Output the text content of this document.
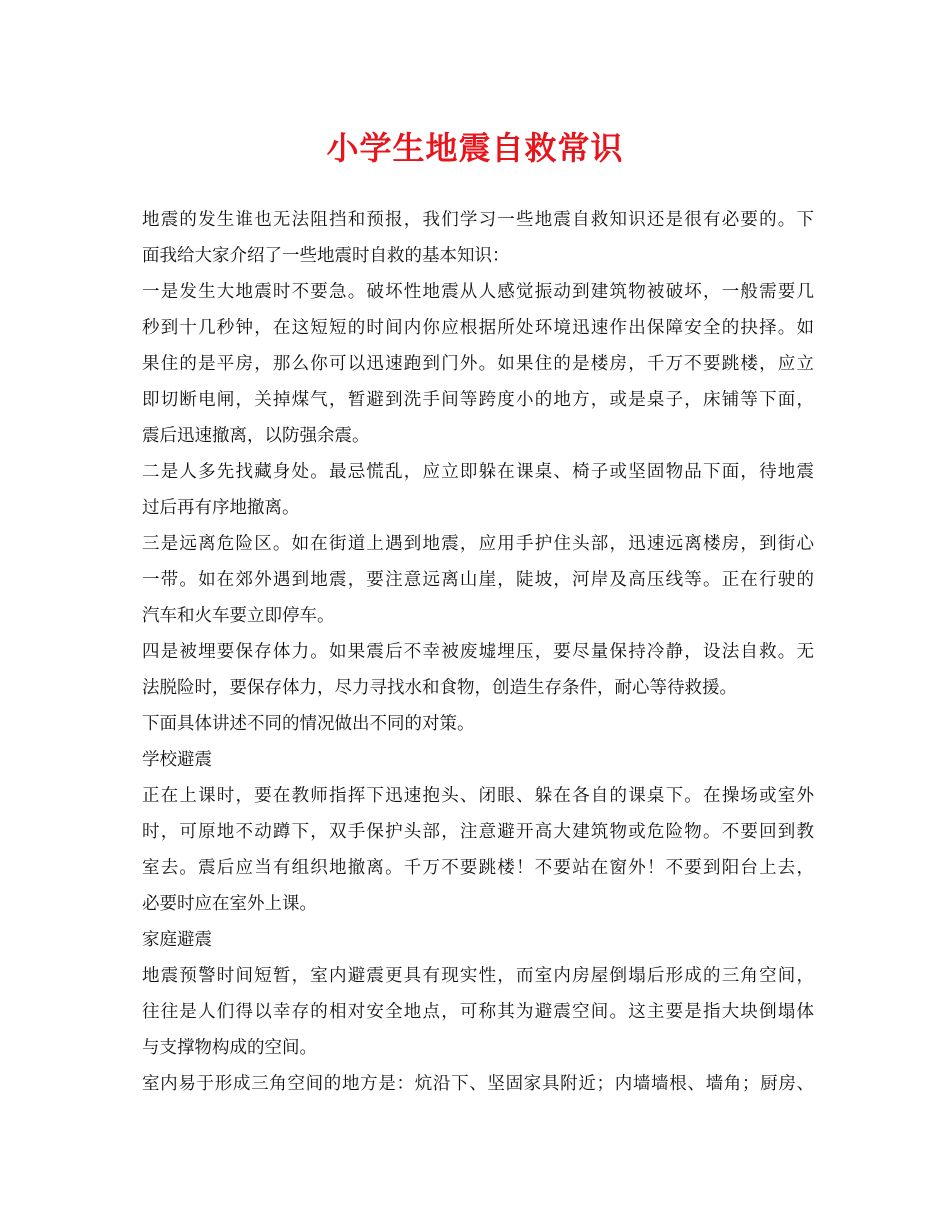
小学生地震自救常识
地震的发生谁也无法阻挡和预报，我们学习一些地震自救知识还是很有必要的。下
面我给大家介绍了一些地震时自救的基本知识：
一是发生大地震时不要急。破坏性地震从人感觉振动到建筑物被破坏，一般需要几
秒到十几秒钟，在这短短的时间内你应根据所处环境迅速作出保障安全的抉择。如
果住的是平房，那么你可以迅速跑到门外。如果住的是楼房，千万不要跳楼，应立
即切断电闸，关掉煤气，暂避到洗手间等跨度小的地方，或是桌子，床铺等下面，
震后迅速撤离，以防强余震。
二是人多先找藏身处。最忌慌乱，应立即躲在课桌、椅子或坚固物品下面，待地震
过后再有序地撤离。
三是远离危险区。如在街道上遇到地震，应用手护住头部，迅速远离楼房，到街心
一带。如在郊外遇到地震，要注意远离山崖，陡坡，河岸及高压线等。正在行驶的
汽车和火车要立即停车。
四是被埋要保存体力。如果震后不幸被废墟埋压，要尽量保持冷静，设法自救。无
法脱险时，要保存体力，尽力寻找水和食物，创造生存条件，耐心等待救援。
下面具体讲述不同的情况做出不同的对策。
学校避震
正在上课时，要在教师指挥下迅速抱头、闭眼、躲在各自的课桌下。在操场或室外
时，可原地不动蹲下，双手保护头部，注意避开高大建筑物或危险物。不要回到教
室去。震后应当有组织地撤离。千万不要跳楼！不要站在窗外！不要到阳台上去，
必要时应在室外上课。
家庭避震
地震预警时间短暂，室内避震更具有现实性，而室内房屋倒塌后形成的三角空间，
往往是人们得以幸存的相对安全地点，可称其为避震空间。这主要是指大块倒塌体
与支撑物构成的空间。
室内易于形成三角空间的地方是：炕沿下、坚固家具附近；内墙墙根、墙角；厨房、
